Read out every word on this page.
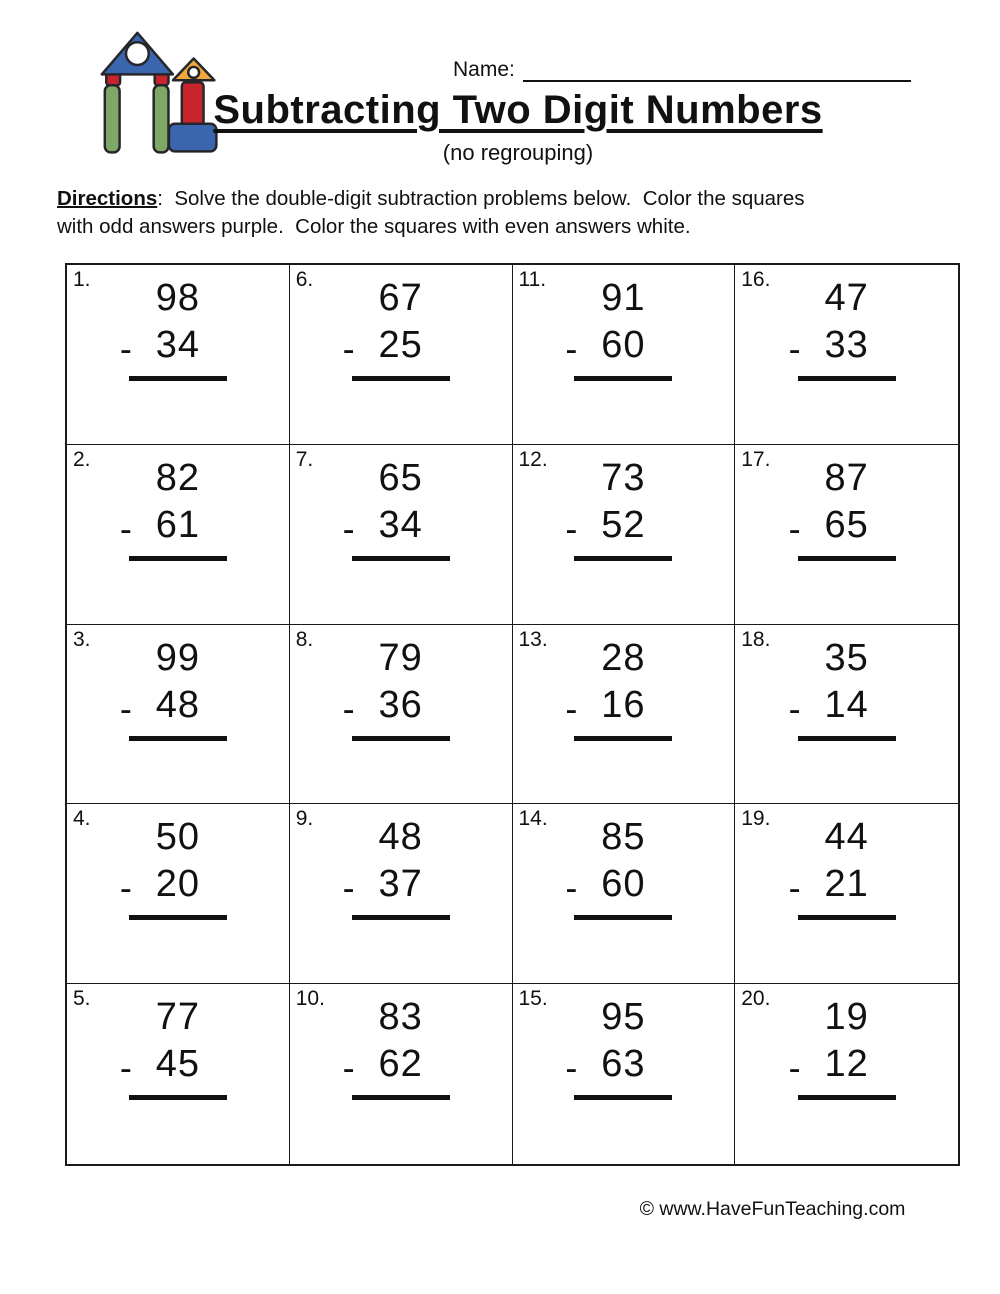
Name:
Subtracting Two Digit Numbers
(no regrouping)
Directions:  Solve the double-digit subtraction problems below.  Color the squares
with odd answers purple.  Color the squares with even answers white.
1.	98
- 34
6.	67
- 25
11.	91
- 60
16.	47
- 33
2.	82
- 61
7.	65
- 34
12.	73
- 52
17.	87
- 65
3.	99
- 48
8.	79
- 36
13.	28
- 16
18.	35
- 14
4.	50
- 20
9.	48
- 37
14.	85
- 60
19.	44
- 21
5.	77
- 45
10.	83
- 62
15.	95
- 63
20.	19
- 12
© www.HaveFunTeaching.com
